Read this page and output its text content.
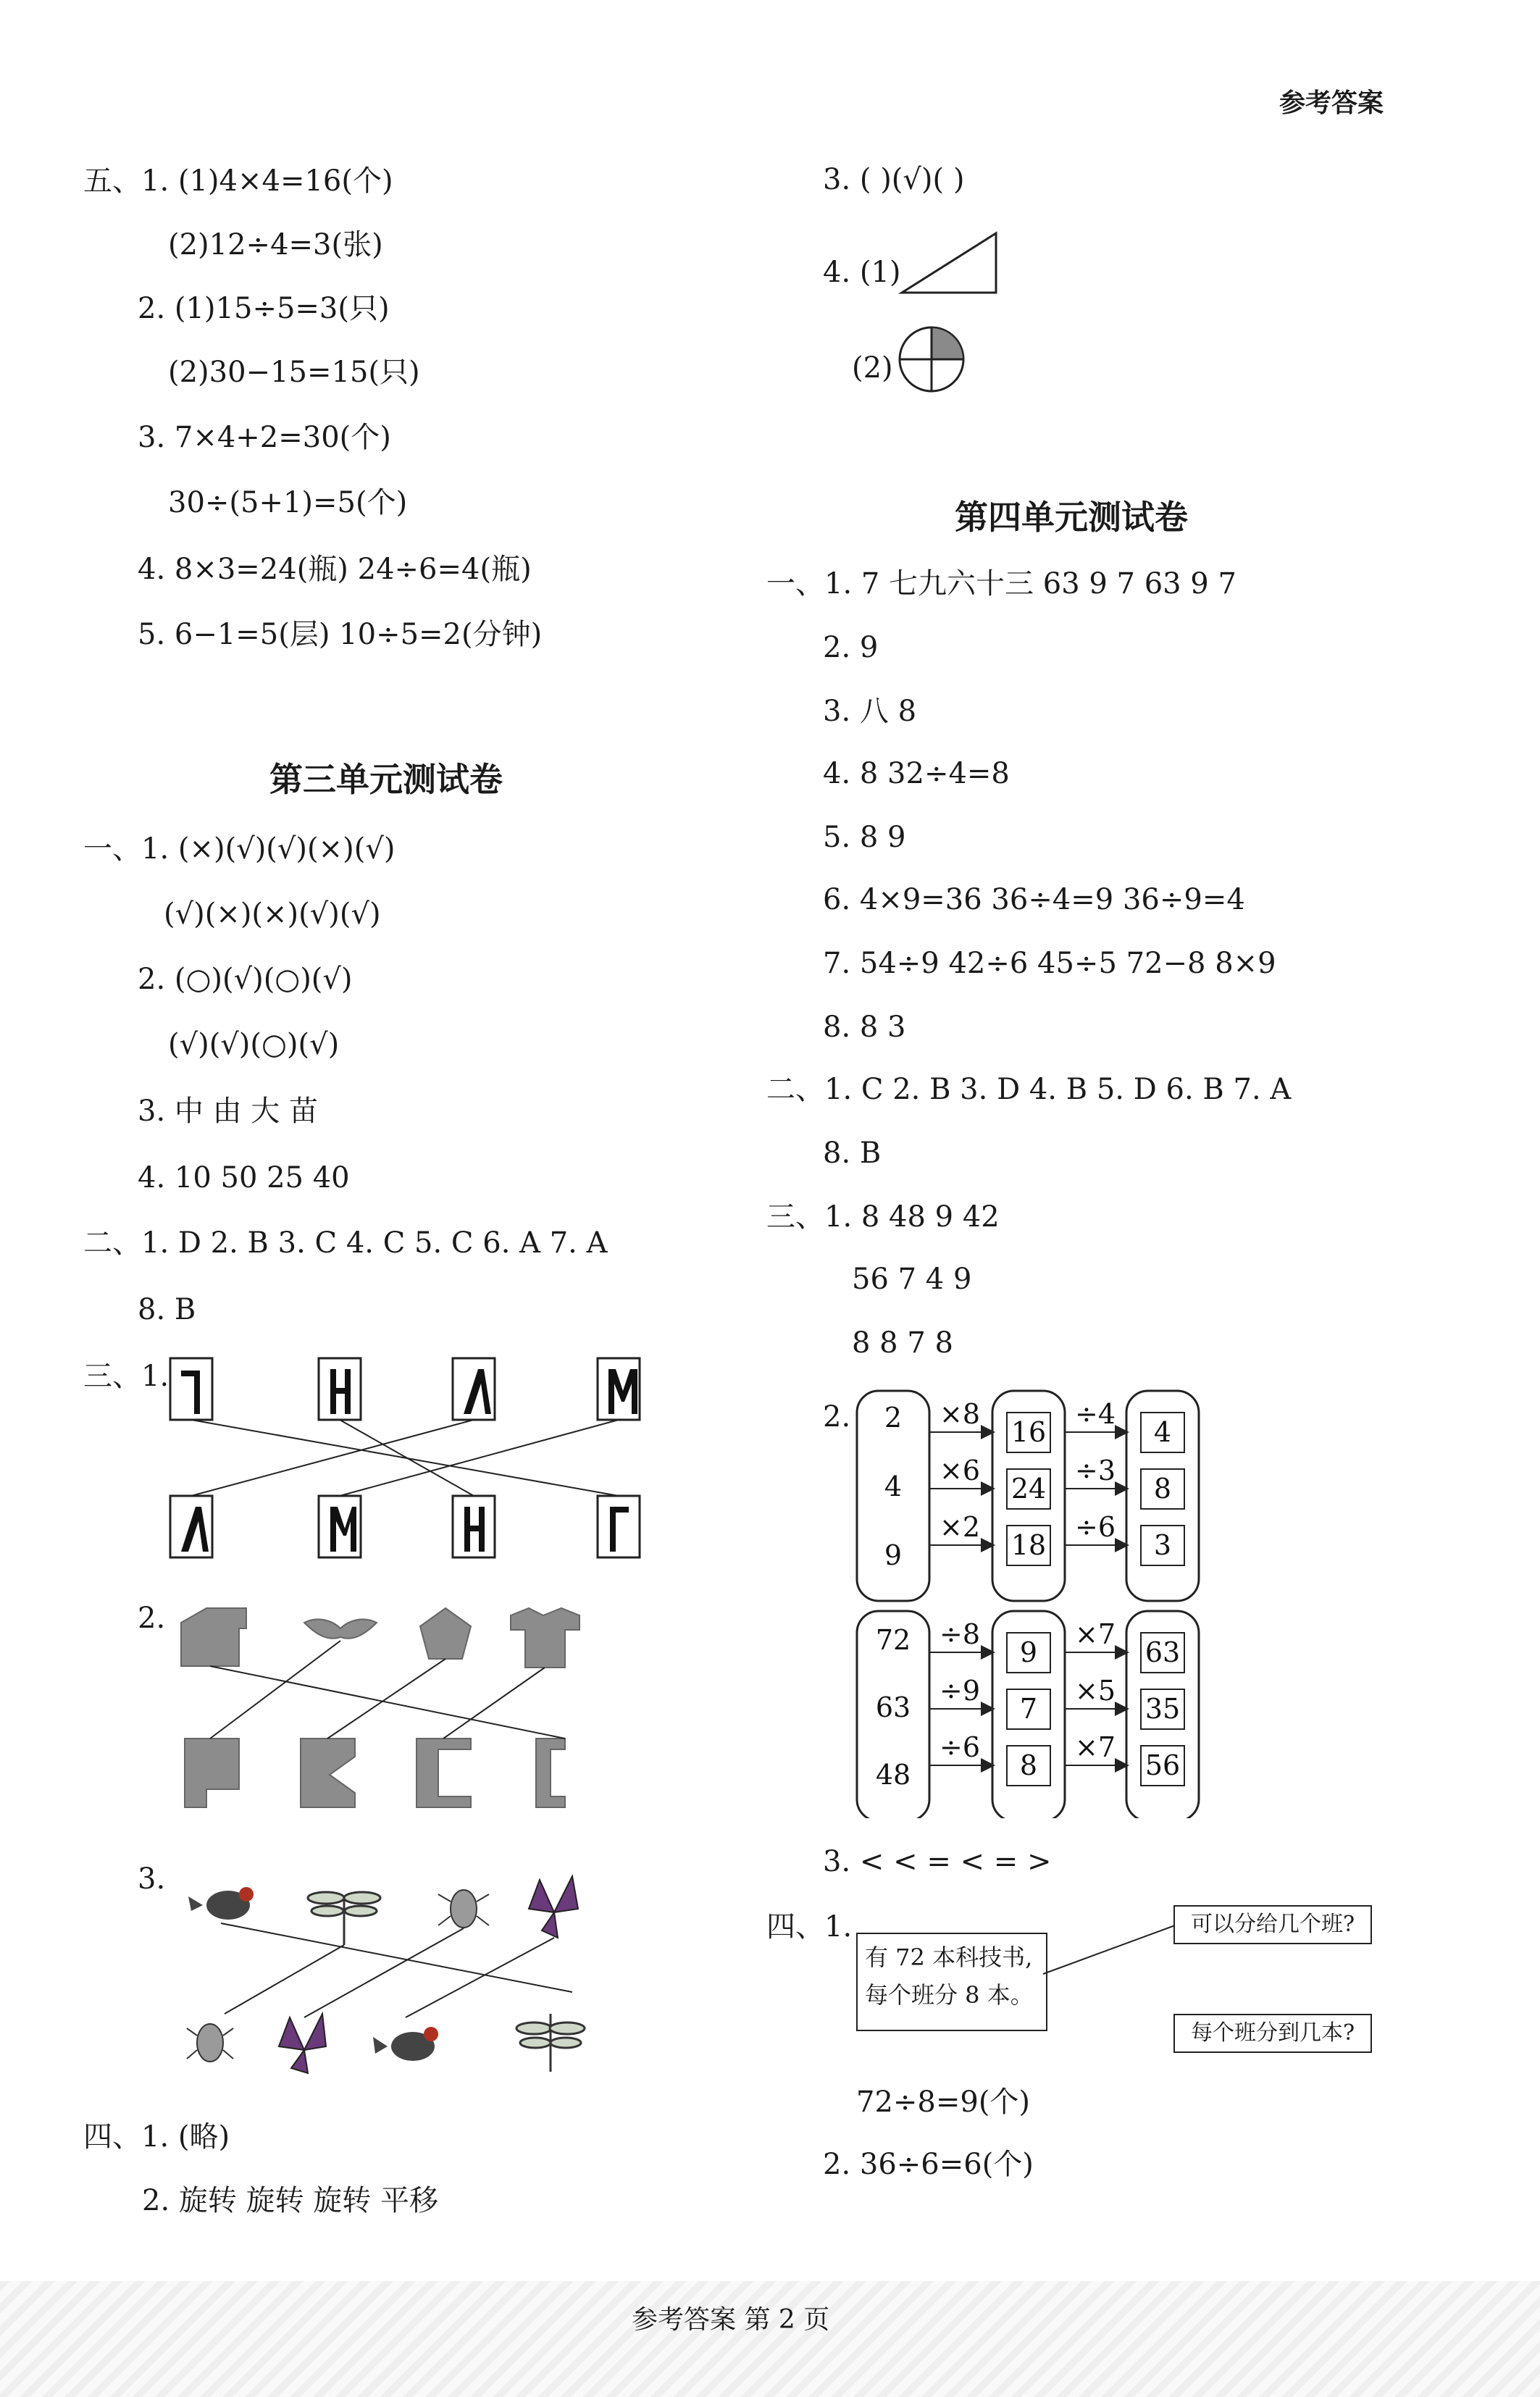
参考答案
五、1. (1)4×4=16(个)
(2)12÷4=3(张)
2. (1)15÷5=3(只)
(2)30−15=15(只)
3. 7×4+2=30(个)
30÷(5+1)=5(个)
4. 8×3=24(瓶) 24÷6=4(瓶)
5. 6−1=5(层) 10÷5=2(分钟)
第三单元测试卷
一、1. (×)(√)(√)(×)(√)
(√)(×)(×)(√)(√)
2. (○)(√)(○)(√)
(√)(√)(○)(√)
3. 中 由 大 苗
4. 10 50 25 40
二、1. D 2. B 3. C 4. C 5. C 6. A 7. A
8. B
三、1.
2.
3.
四、1. (略)
2. 旋转 旋转 旋转 平移
3. ( )(√)( )
4. (1)
(2)
第四单元测试卷
一、1. 7 七九六十三 63 9 7 63 9 7
2. 9
3. 八 8
4. 8 32÷4=8
5. 8 9
6. 4×9=36 36÷4=9 36÷9=4
7. 54÷9 42÷6 45÷5 72−8 8×9
8. 8 3
二、1. C 2. B 3. D 4. B 5. D 6. B 7. A
8. B
三、1. 8 48 9 42
56 7 4 9
8 8 7 8
2. 2
4
9
×8
×6
×2
16
24
18
÷4
÷3
÷6
4
8
3
72
63
48
÷8
÷9
÷6
9
7
8
×7
×5
×7
63
35
56
3. < < = < = >
四、1.
有 72 本科技书,
每个班分 8 本。
可以分给几个班?
每个班分到几本?
72÷8=9(个)
2. 36÷6=6(个)
参考答案 第 2 页
